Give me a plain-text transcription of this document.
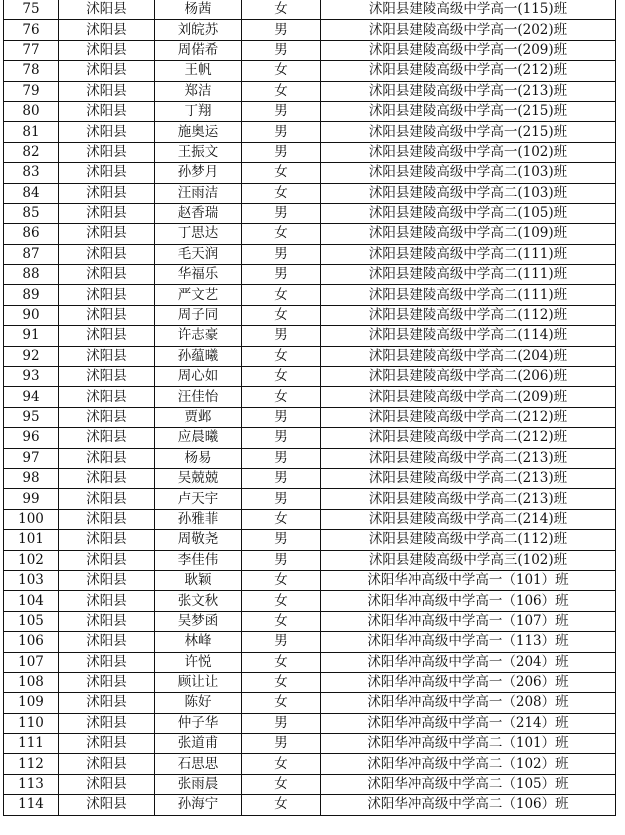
75	沭阳县	杨茜	女	沭阳县建陵高级中学高一(115)班
76	沭阳县	刘皖苏	男	沭阳县建陵高级中学高一(202)班
77	沭阳县	周偌希	男	沭阳县建陵高级中学高一(209)班
78	沭阳县	王帆	女	沭阳县建陵高级中学高一(212)班
79	沭阳县	郑洁	女	沭阳县建陵高级中学高一(213)班
80	沭阳县	丁翔	男	沭阳县建陵高级中学高一(215)班
81	沭阳县	施奥运	男	沭阳县建陵高级中学高一(215)班
82	沭阳县	王振文	男	沭阳县建陵高级中学高一(102)班
83	沭阳县	孙梦月	女	沭阳县建陵高级中学高二(103)班
84	沭阳县	汪雨洁	女	沭阳县建陵高级中学高二(103)班
85	沭阳县	赵香瑞	男	沭阳县建陵高级中学高二(105)班
86	沭阳县	丁思达	女	沭阳县建陵高级中学高二(109)班
87	沭阳县	毛天润	男	沭阳县建陵高级中学高二(111)班
88	沭阳县	华福乐	男	沭阳县建陵高级中学高二(111)班
89	沭阳县	严文艺	女	沭阳县建陵高级中学高二(111)班
90	沭阳县	周子同	女	沭阳县建陵高级中学高二(112)班
91	沭阳县	许志豪	男	沭阳县建陵高级中学高二(114)班
92	沭阳县	孙蕴曦	女	沭阳县建陵高级中学高二(204)班
93	沭阳县	周心如	女	沭阳县建陵高级中学高二(206)班
94	沭阳县	汪佳怡	女	沭阳县建陵高级中学高二(209)班
95	沭阳县	贾邺	男	沭阳县建陵高级中学高二(212)班
96	沭阳县	应晨曦	男	沭阳县建陵高级中学高二(212)班
97	沭阳县	杨易	男	沭阳县建陵高级中学高二(213)班
98	沭阳县	吴兢兢	男	沭阳县建陵高级中学高二(213)班
99	沭阳县	卢天宇	男	沭阳县建陵高级中学高二(213)班
100	沭阳县	孙雅菲	女	沭阳县建陵高级中学高二(214)班
101	沭阳县	周敬尧	男	沭阳县建陵高级中学高二(112)班
102	沭阳县	李佳伟	男	沭阳县建陵高级中学高三(102)班
103	沭阳县	耿颖	女	沭阳华冲高级中学高一（101）班
104	沭阳县	张文秋	女	沭阳华冲高级中学高一（106）班
105	沭阳县	吴梦函	女	沭阳华冲高级中学高一（107）班
106	沭阳县	林峰	男	沭阳华冲高级中学高一（113）班
107	沭阳县	许悦	女	沭阳华冲高级中学高一（204）班
108	沭阳县	顾让让	女	沭阳华冲高级中学高一（206）班
109	沭阳县	陈好	女	沭阳华冲高级中学高一（208）班
110	沭阳县	仲子华	男	沭阳华冲高级中学高一（214）班
111	沭阳县	张道甫	男	沭阳华冲高级中学高二（101）班
112	沭阳县	石思思	女	沭阳华冲高级中学高二（102）班
113	沭阳县	张雨晨	女	沭阳华冲高级中学高二（105）班
114	沭阳县	孙海宁	女	沭阳华冲高级中学高二（106）班
